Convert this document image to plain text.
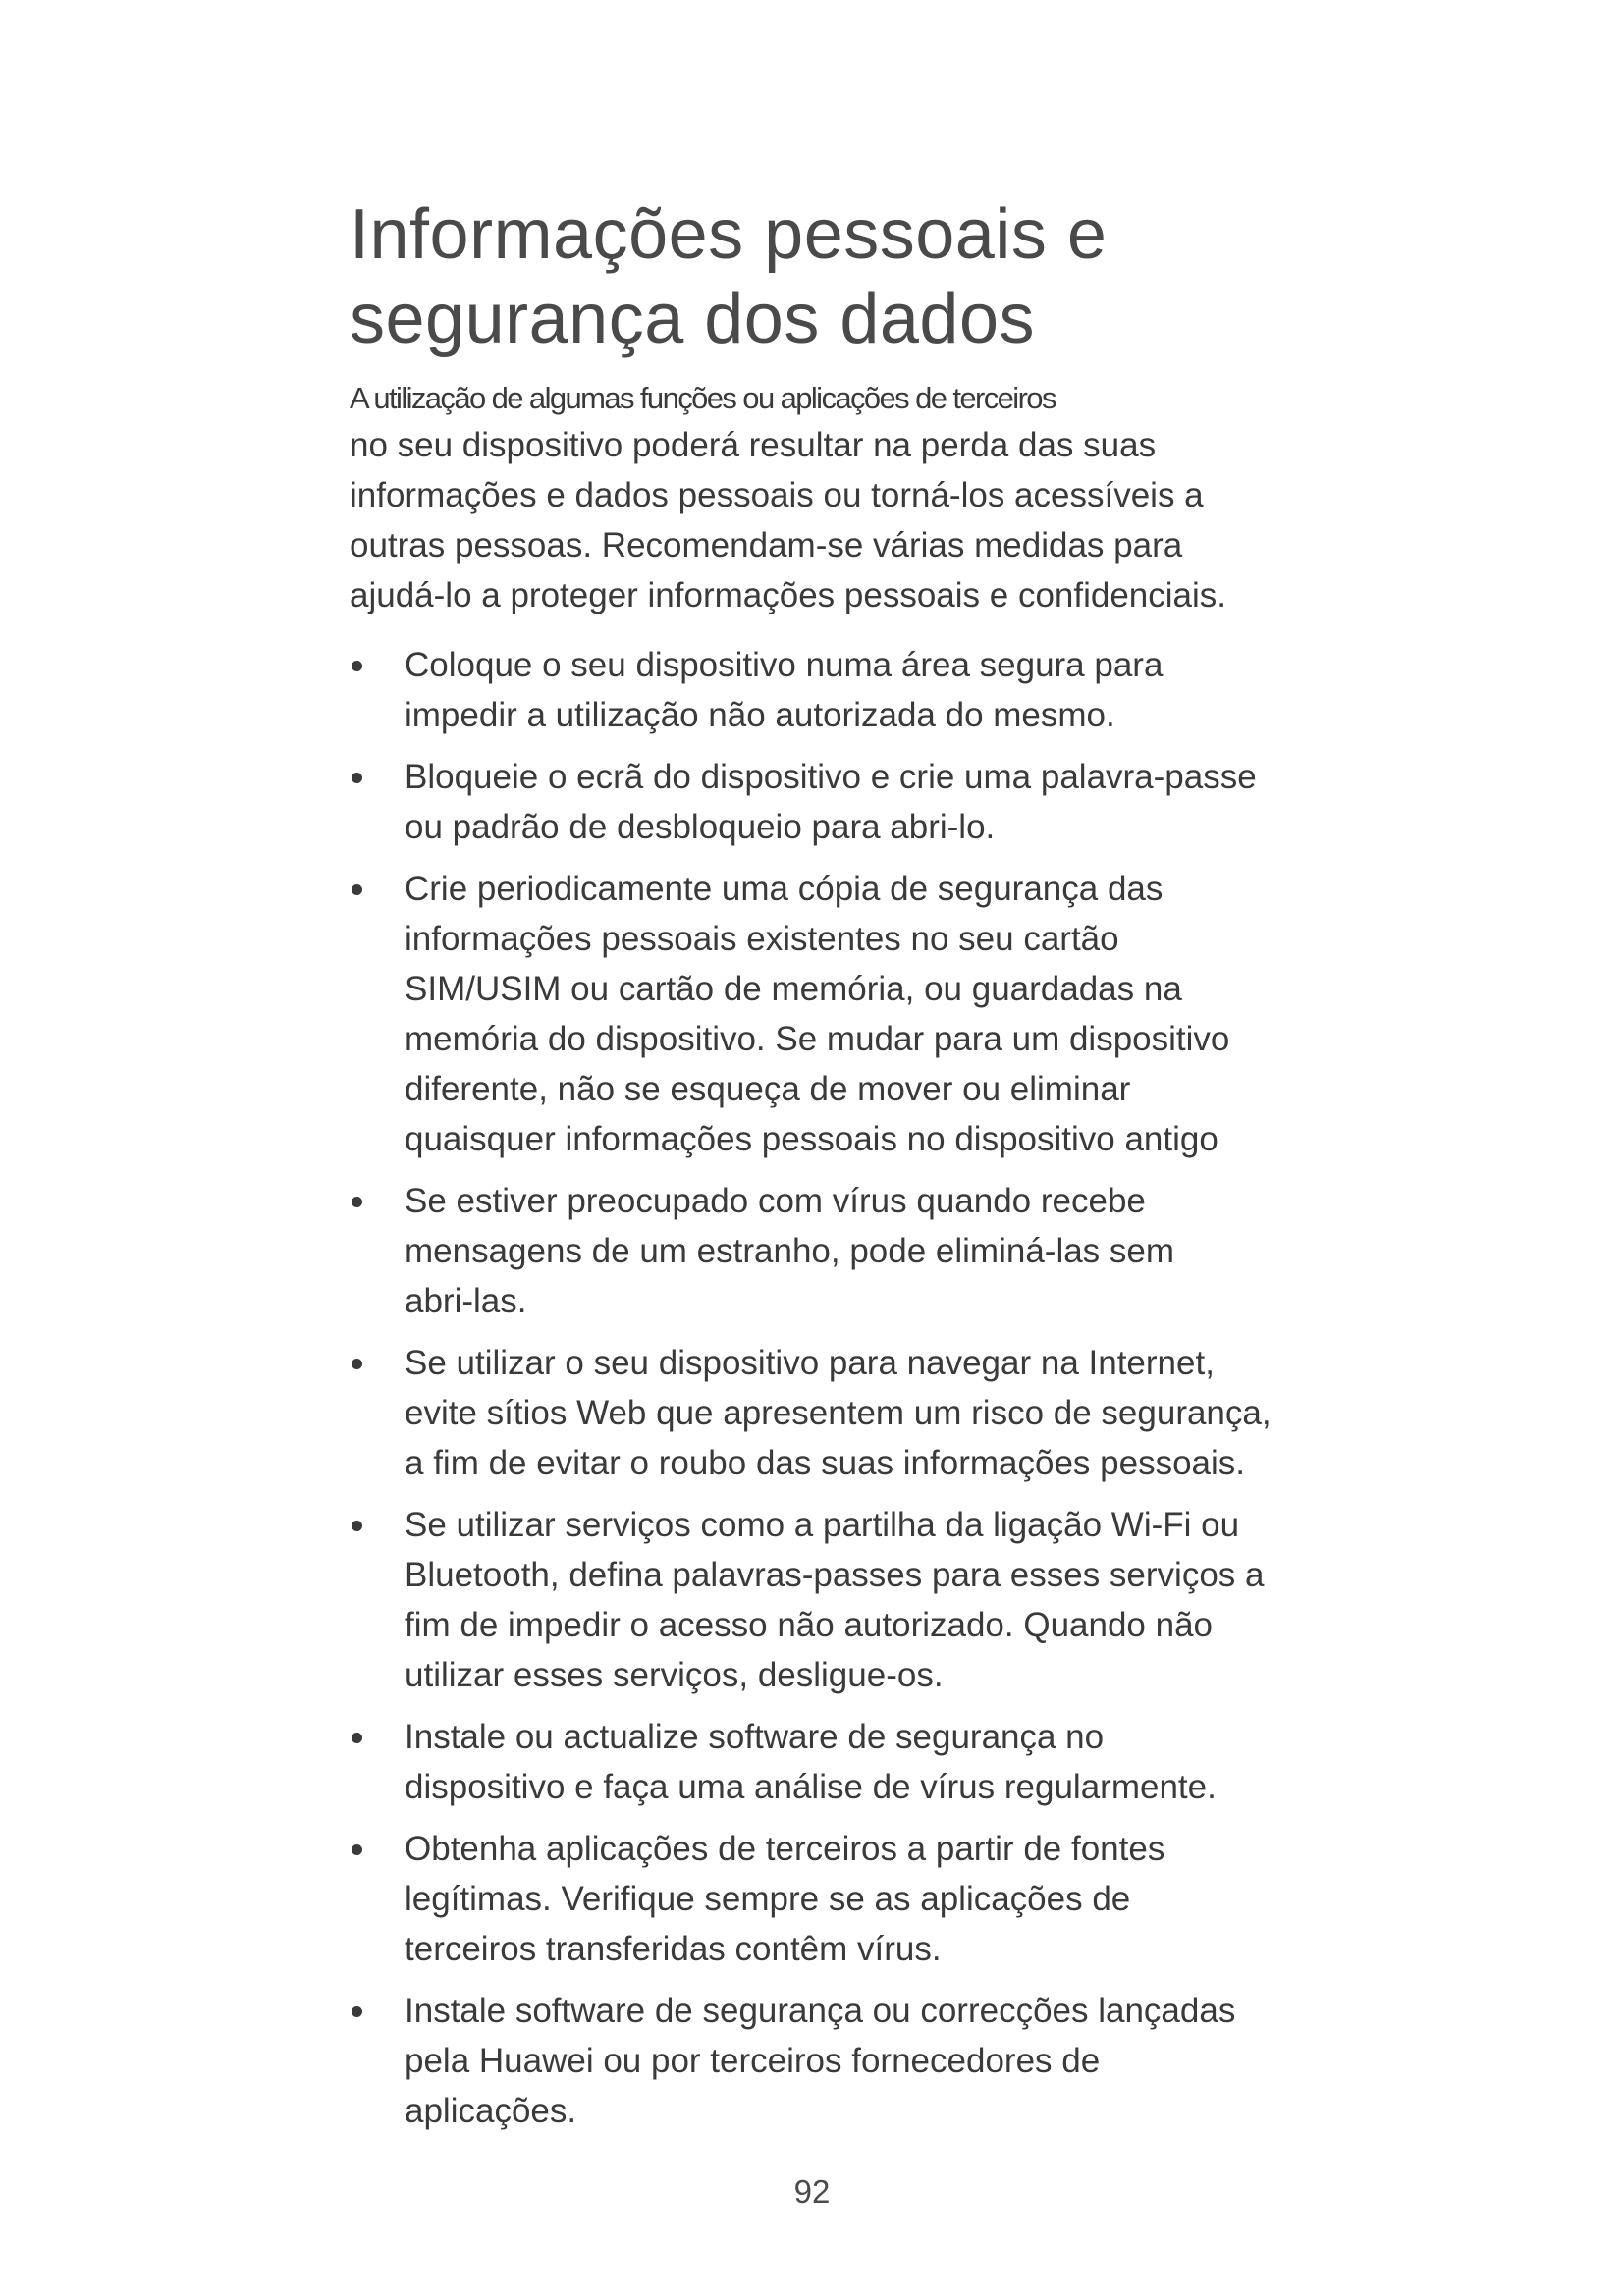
Informações pessoais e
segurança dos dados

A utilização de algumas funções ou aplicações de terceiros

no seu dispositivo poderá resultar na perda das suas
informações e dados pessoais ou torná-los acessíveis a
outras pessoas. Recomendam-se várias medidas para
ajudá-lo a proteger informações pessoais e confidenciais.

Coloque o seu dispositivo numa área segura para
impedir a utilização não autorizada do mesmo.
Bloqueie o ecrã do dispositivo e crie uma palavra-passe
ou padrão de desbloqueio para abri-lo.
Crie periodicamente uma cópia de segurança das
informações pessoais existentes no seu cartão
SIM/USIM ou cartão de memória, ou guardadas na
memória do dispositivo. Se mudar para um dispositivo
diferente, não se esqueça de mover ou eliminar
quaisquer informações pessoais no dispositivo antigo
Se estiver preocupado com vírus quando recebe
mensagens de um estranho, pode eliminá-las sem
abri-las.
Se utilizar o seu dispositivo para navegar na Internet,
evite sítios Web que apresentem um risco de segurança,
a fim de evitar o roubo das suas informações pessoais.
Se utilizar serviços como a partilha da ligação Wi-Fi ou
Bluetooth, defina palavras-passes para esses serviços a
fim de impedir o acesso não autorizado. Quando não
utilizar esses serviços, desligue-os.
Instale ou actualize software de segurança no
dispositivo e faça uma análise de vírus regularmente.
Obtenha aplicações de terceiros a partir de fontes
legítimas. Verifique sempre se as aplicações de
terceiros transferidas contêm vírus.
Instale software de segurança ou correcções lançadas
pela Huawei ou por terceiros fornecedores de
aplicações.
92
